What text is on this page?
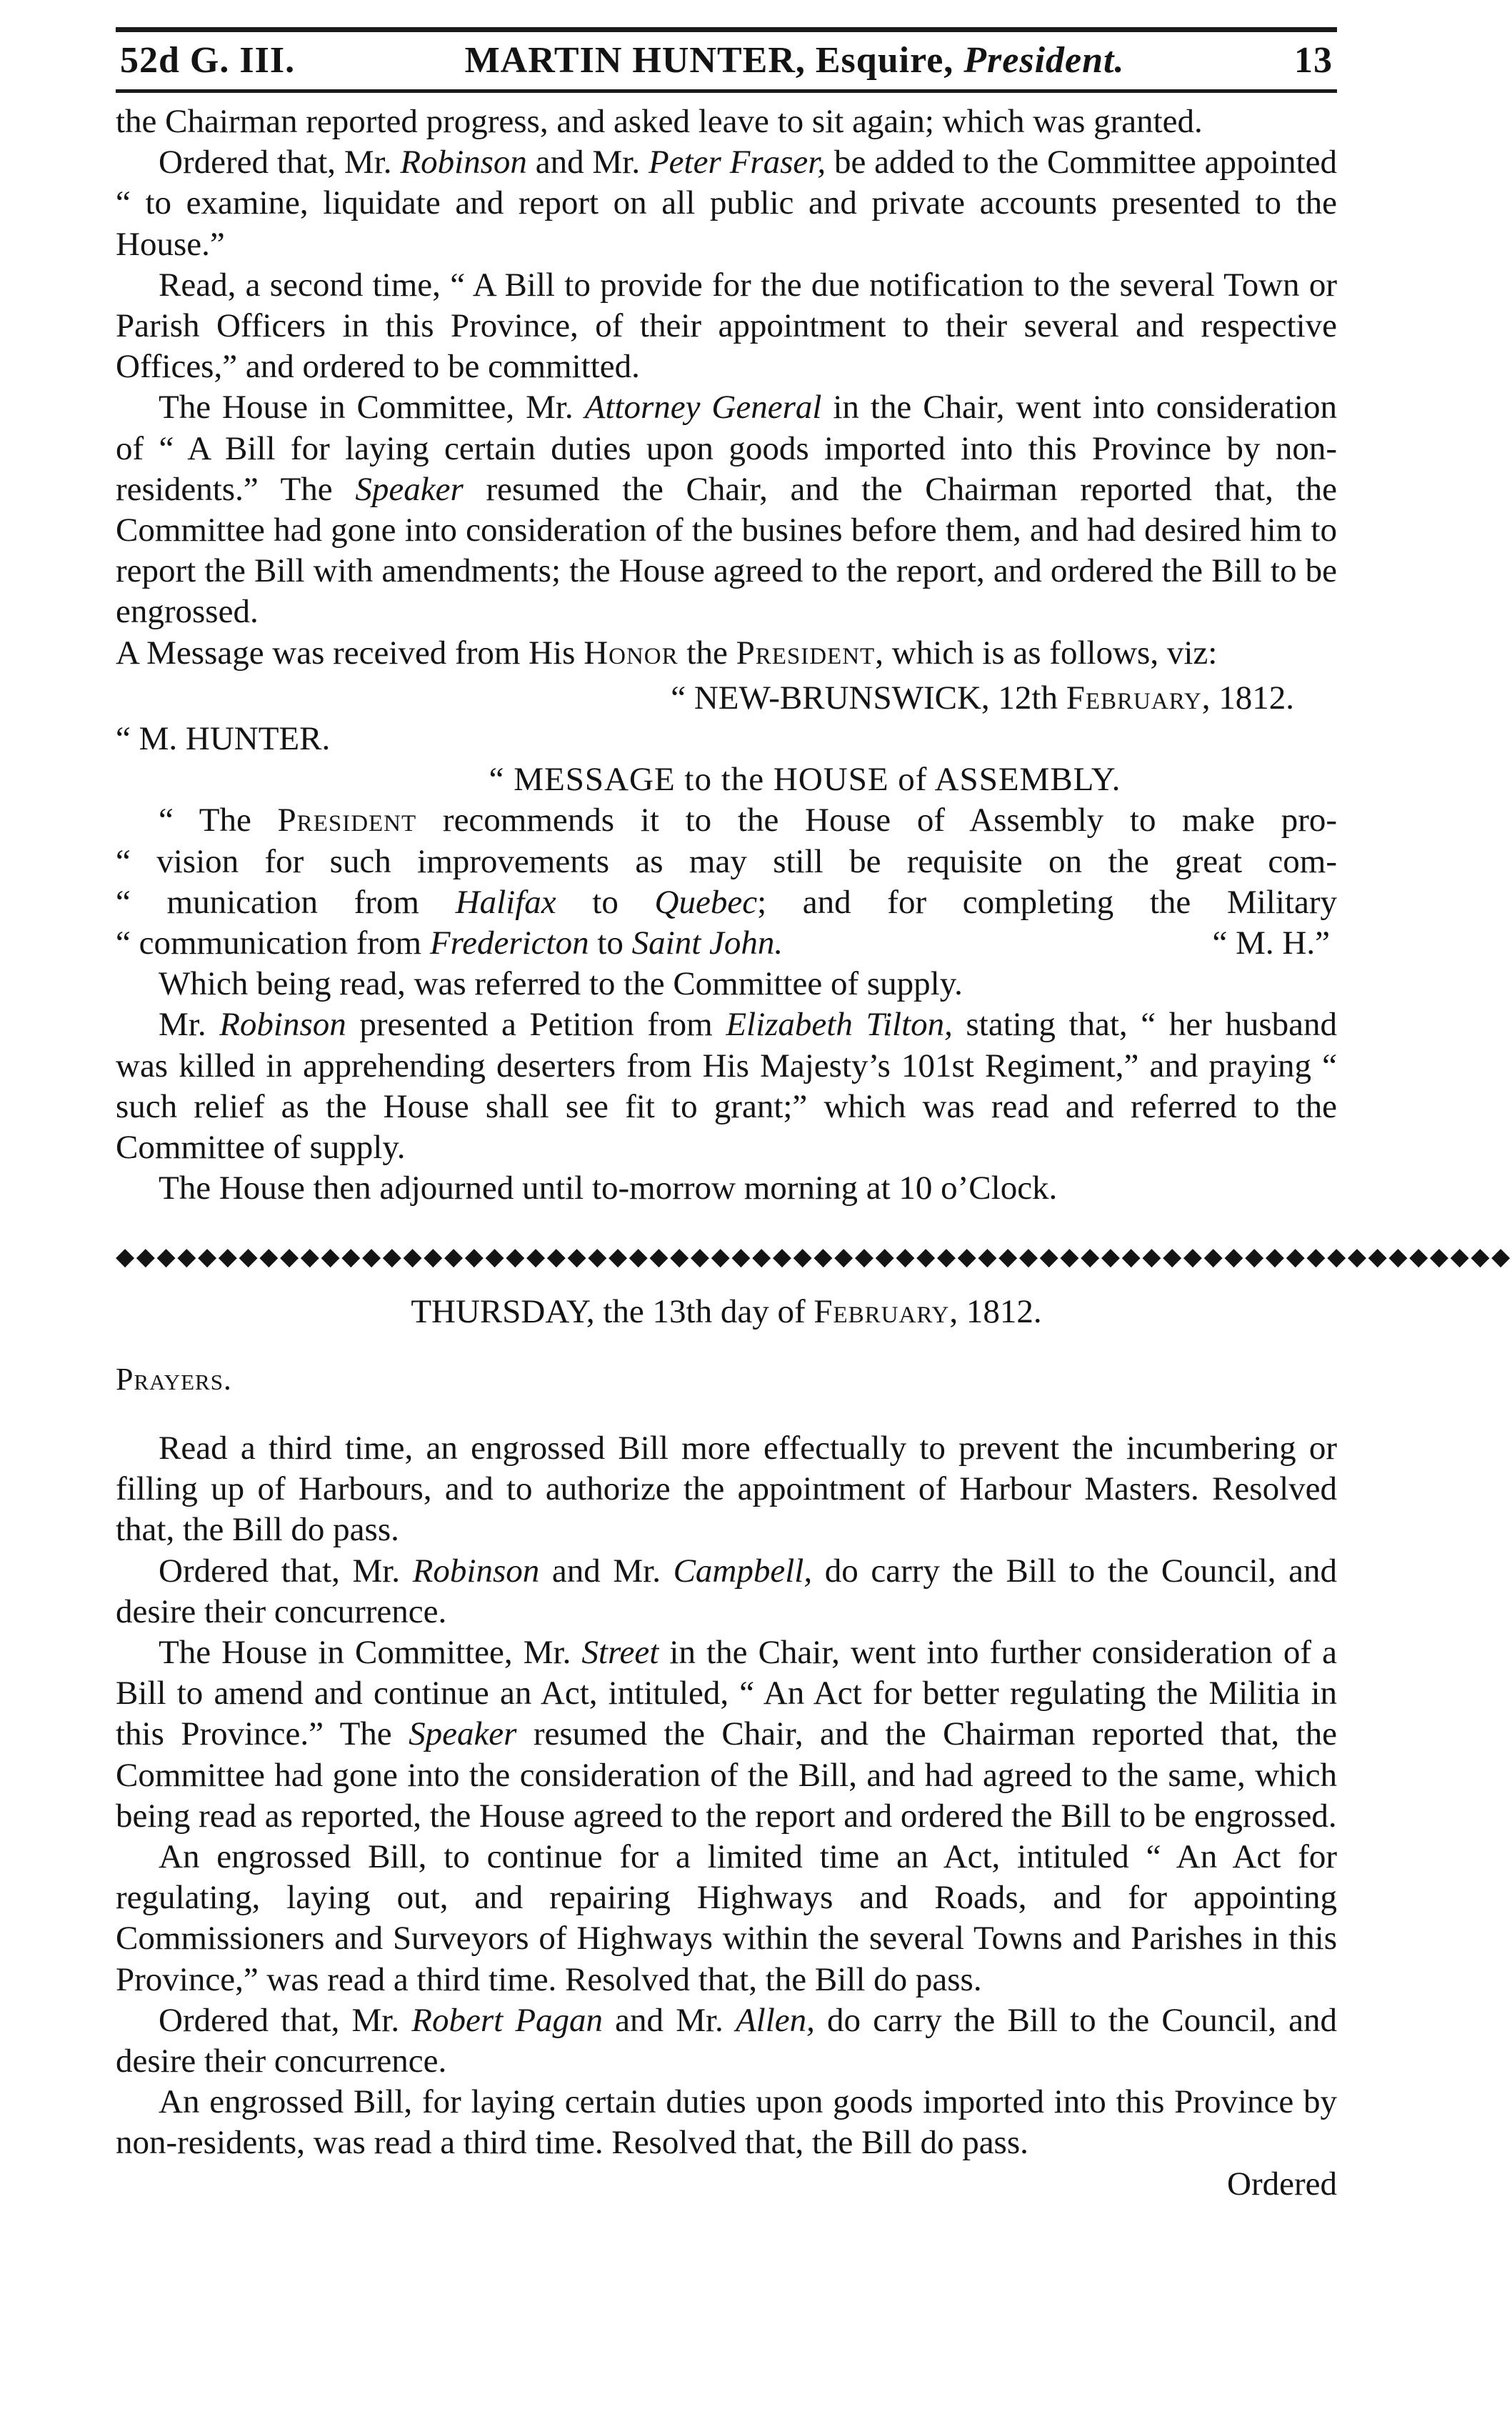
52d G. III.	MARTIN HUNTER, Esquire, President.	13

the Chairman reported progress, and asked leave to sit again; which was granted.

Ordered that, Mr. Robinson and Mr. Peter Fraser, be added to the Committee appointed “ to examine, liquidate and report on all public and private accounts presented to the House.”

Read, a second time, “ A Bill to provide for the due notification to the several Town or Parish Officers in this Province, of their appointment to their several and respective Offices,” and ordered to be committed.

The House in Committee, Mr. Attorney General in the Chair, went into consideration of “ A Bill for laying certain duties upon goods imported into this Province by non-residents.” The Speaker resumed the Chair, and the Chairman reported that, the Committee had gone into consideration of the busines before them, and had desired him to report the Bill with amendments; the House agreed to the report, and ordered the Bill to be engrossed.

A Message was received from His Honor the President, which is as follows, viz:

“ NEW-BRUNSWICK, 12th February, 1812.

“ M. HUNTER.

“ MESSAGE to the HOUSE of ASSEMBLY.

“ The President recommends it to the House of Assembly to make pro-
“ vision for such improvements as may still be requisite on the great com-
“ munication from Halifax to Quebec; and for completing the Military
“ communication from Fredericton to Saint John.	“ M. H.”

Which being read, was referred to the Committee of supply.

Mr. Robinson presented a Petition from Elizabeth Tilton, stating that, “ her husband was killed in apprehending deserters from His Majesty’s 101st Regiment,” and praying “ such relief as the House shall see fit to grant;” which was read and referred to the Committee of supply.

The House then adjourned until to-morrow morning at 10 o’Clock.

◆◆◆◆◆◆◆◆◆◆◆◆◆◆◆◆◆◆◆◆◆◆◆◆◆◆◆◆◆◆◆◆◆◆◆◆◆◆◆◆◆◆◆◆◆◆◆◆◆◆◆◆◆◆◆◆◆◆◆◆◆◆◆◆◆◆◆◆
THURSDAY, the 13th day of February, 1812.
Prayers.

Read a third time, an engrossed Bill more effectually to prevent the incumbering or filling up of Harbours, and to authorize the appointment of Harbour Masters. Resolved that, the Bill do pass.

Ordered that, Mr. Robinson and Mr. Campbell, do carry the Bill to the Council, and desire their concurrence.

The House in Committee, Mr. Street in the Chair, went into further consideration of a Bill to amend and continue an Act, intituled, “ An Act for better regulating the Militia in this Province.” The Speaker resumed the Chair, and the Chairman reported that, the Committee had gone into the consideration of the Bill, and had agreed to the same, which being read as reported, the House agreed to the report and ordered the Bill to be engrossed.

An engrossed Bill, to continue for a limited time an Act, intituled “ An Act for regulating, laying out, and repairing Highways and Roads, and for appointing Commissioners and Surveyors of Highways within the several Towns and Parishes in this Province,” was read a third time. Resolved that, the Bill do pass.

Ordered that, Mr. Robert Pagan and Mr. Allen, do carry the Bill to the Council, and desire their concurrence.

An engrossed Bill, for laying certain duties upon goods imported into this Province by non-residents, was read a third time. Resolved that, the Bill do pass.

Ordered
